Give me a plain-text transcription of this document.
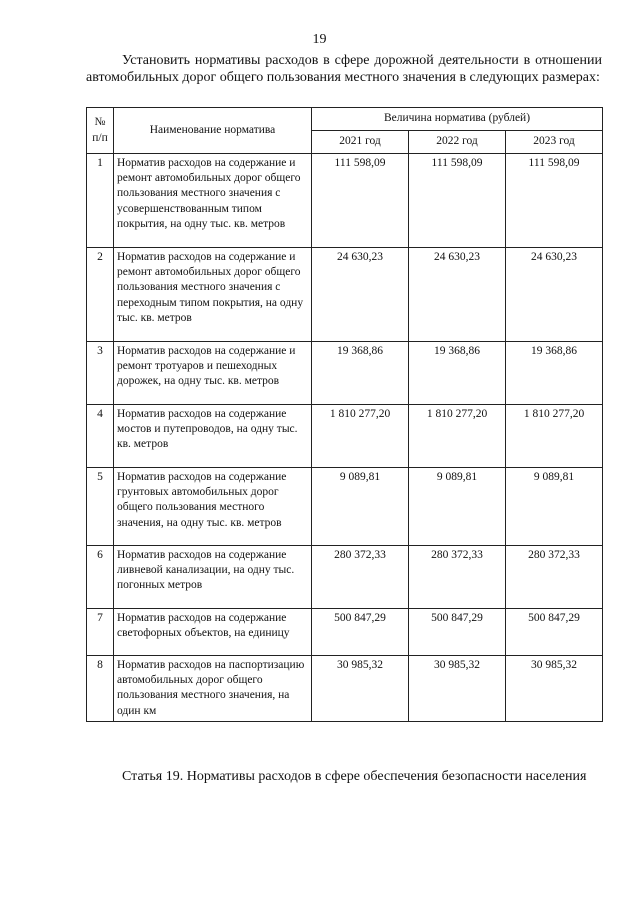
19

Установить нормативы расходов в сфере дорожной деятельности в отношении автомобильных дорог общего пользования местного значения в следующих размерах:

№ п/п	Наименование норматива	Величина норматива (рублей)		
		2021 год	2022 год	2023 год
1	Норматив расходов на содержание и ремонт автомобильных дорог общего пользования местного значения с усовершенствованным типом покрытия, на одну тыс. кв. метров	111 598,09	111 598,09	111 598,09
2	Норматив расходов на содержание и ремонт автомобильных дорог общего пользования местного значения с переходным типом покрытия, на одну тыс. кв. метров	24 630,23	24 630,23	24 630,23
3	Норматив расходов на содержание и ремонт тротуаров и пешеходных дорожек, на одну тыс. кв. метров	19 368,86	19 368,86	19 368,86
4	Норматив расходов на содержание мостов и путепроводов, на одну тыс. кв. метров	1 810 277,20	1 810 277,20	1 810 277,20
5	Норматив расходов на содержание грунтовых автомобильных дорог общего пользования местного значения, на одну тыс. кв. метров	9 089,81	9 089,81	9 089,81
6	Норматив расходов на содержание ливневой канализации, на одну тыс. погонных метров	280 372,33	280 372,33	280 372,33
7	Норматив расходов на содержание светофорных объектов, на единицу	500 847,29	500 847,29	500 847,29
8	Норматив расходов на паспортизацию автомобильных дорог общего пользования местного значения, на один км	30 985,32	30 985,32	30 985,32

Статья 19. Нормативы расходов в сфере обеспечения безопасности населения
